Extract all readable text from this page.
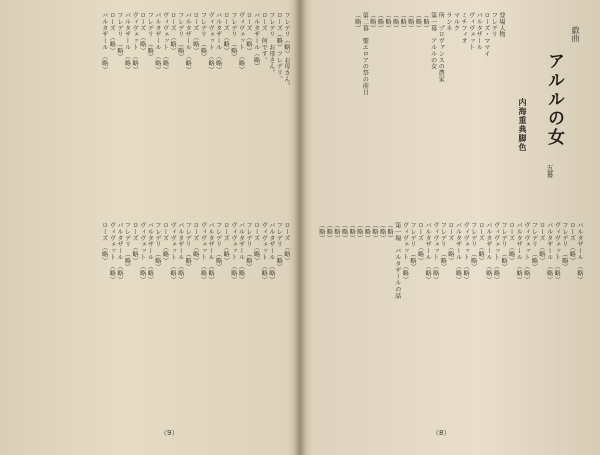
フレデリ（略）お母さん。
ローズ（略）フレデリ。
フレデリ　お母さん。
ローズ　何です。
バルタザール（略）
ローズ　（略）
ヴィヴェット　（略）
フレデリ　（略）
ローズ　（略）
バルタザール　（略）
ヴィヴェット　（略）
フレデリ　（略）
ローズ　（略）
バルタザール　（略）
フレデリ　（略）
ローズ　（略）
ヴィヴェット　（略）
バルタザール　（略）
フレデリ　（略）
ローズ　（略）
ヴィヴェット　（略）
バルタザール　（略）
フレデリ　（略）
ローズ　（略）
バルタザール　（略）
ローズ　（略）
フレデリ　（略）
バルタザール　（略）
ヴィヴェット　（略）
ローズ　（略）
フレデリ　（略）
バルタザール　（略）
ヴィヴェット　（略）
ローズ　（略）
フレデリ　（略）
バルタザール　（略）
ヴィヴェット　（略）
ローズ　（略）
フレデリ　（略）
バルタザール　（略）
ヴィヴェット　（略）
ローズ　（略）
フレデリ　（略）
バルタザール　（略）
ヴィヴェット　（略）
ローズ　（略）
フレデリ　（略）
バルタザール　（略）
ヴィヴェット　（略）
ローズ　（略）
登場人物
フレデリ
ローズ・ママイ
バルタザール
ヴィヴェット
ミチフィオ
マルク
ランネ
所　プロヴァンスの農家
第一幕　アルルの女
（略）
（略）
（略）
（略）
（略）
（略）
（略）
（略）
第二幕　聖エロアの祭の前日
（略）
バルタザール　（略）
ローズ　（略）
フレデリ　（略）
ヴィヴェット　（略）
バルタザール　（略）
ローズ　（略）
フレデリ　（略）
ヴィヴェット　（略）
バルタザール　（略）
ローズ　（略）
フレデリ　（略）
ヴィヴェット　（略）
バルタザール　（略）
ローズ　（略）
フレデリ　（略）
ヴィヴェット　（略）
バルタザール　（略）
ローズ　（略）
フレデリ　（略）
ヴィヴェット　（略）
バルタザール　（略）
ローズ　（略）
フレデリ　（略）
ヴィヴェット　（略）
第一場　バルタザールの話
（略）
（略）
（略）
（略）
（略）
（略）
（略）
（略）
（略）
（略）
戯曲
アルルの女
五幕
内海重典脚色
（9）	（8）
